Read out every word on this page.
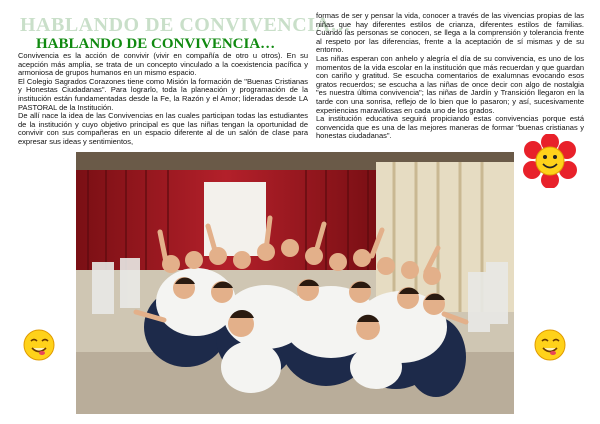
HABLANDO DE CONVIVENCIA…
HABLANDO DE CONVIVENCIA…

Convivencia es la acción de convivir (vivir en compañía de otro u otros). En su acepción más amplia, se trata de un concepto vinculado a la coexistencia pacífica y armoniosa de grupos humanos en un mismo espacio.

El Colegio Sagrados Corazones tiene como Misión la formación de "Buenas Cristianas y Honestas Ciudadanas". Para lograrlo, toda la planeación y programación de la institución están fundamentadas desde la Fe, la Razón y el Amor; lideradas desde LA PASTORAL de la Institución.

De allí nace la idea de las Convivencias en las cuales participan todas las estudiantes de la institución y cuyo objetivo principal es que las niñas tengan la oportunidad de convivir con sus compañeras en un espacio diferente al de un salón de clase para expresar sus ideas y sentimientos,

formas de ser y pensar la vida, conocer a través de las vivencias propias de las niñas que hay diferentes estilos de crianza, diferentes estilos de familias. Cuando las personas se conocen, se llega a la comprensión y tolerancia frente al respeto por las diferencias, frente a la aceptación de sí mismas y de su entorno.

Las niñas esperan con anhelo y alegría el día de su convivencia, es uno de los momentos de la vida escolar en la institución que más recuerdan y que guardan con cariño y gratitud. Se escucha comentarios de exalumnas evocando esos gratos recuerdos; se escucha a las niñas de once decir con algo de nostalgia "es nuestra última convivencia"; las niñas de Jardín y Transición llegaron en la tarde con una sonrisa, reflejo de lo bien que lo pasaron; y así, sucesivamente experiencias maravillosas en cada uno de los grados.

La institución educativa seguirá propiciando estas convivencias porque está convencida que es una de las mejores maneras de formar "buenas cristianas y honestas ciudadanas".
